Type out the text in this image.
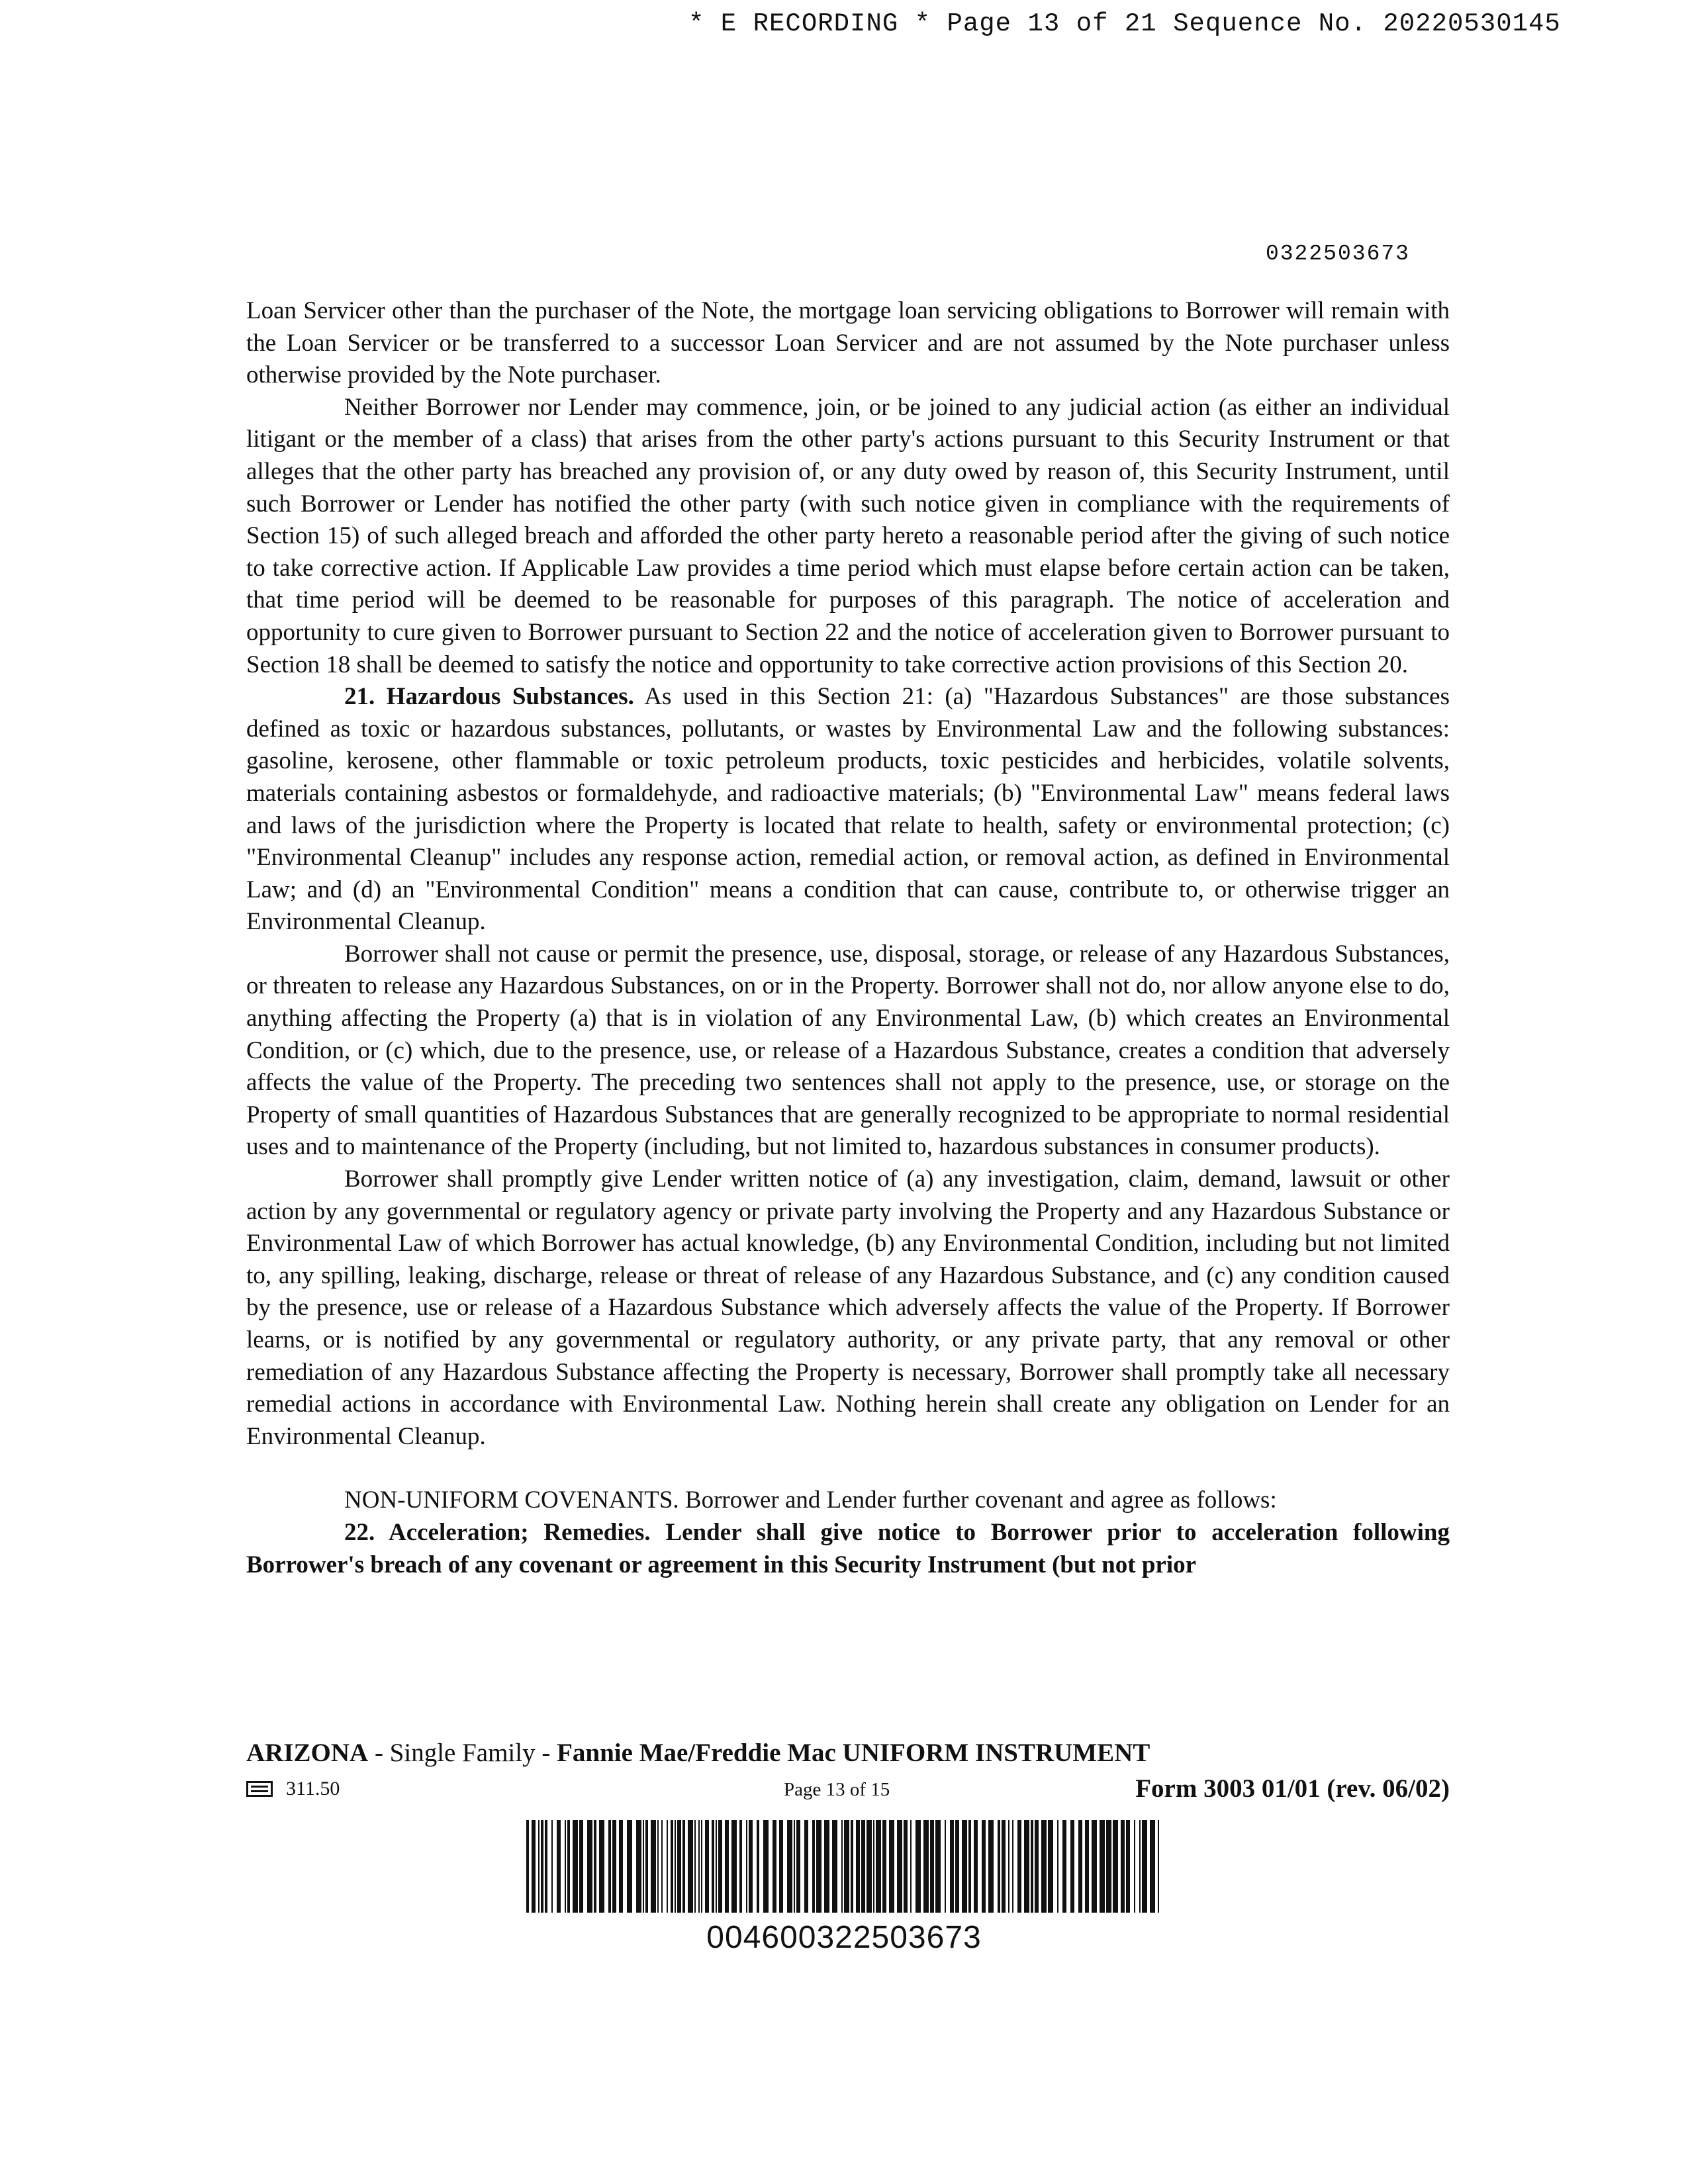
* E RECORDING * Page 13 of 21 Sequence No. 20220530145
0322503673

Loan Servicer other than the purchaser of the Note, the mortgage loan servicing obligations to Borrower will remain with the Loan Servicer or be transferred to a successor Loan Servicer and are not assumed by the Note purchaser unless otherwise provided by the Note purchaser.

Neither Borrower nor Lender may commence, join, or be joined to any judicial action (as either an individual litigant or the member of a class) that arises from the other party's actions pursuant to this Security Instrument or that alleges that the other party has breached any provision of, or any duty owed by reason of, this Security Instrument, until such Borrower or Lender has notified the other party (with such notice given in compliance with the requirements of Section 15) of such alleged breach and afforded the other party hereto a reasonable period after the giving of such notice to take corrective action. If Applicable Law provides a time period which must elapse before certain action can be taken, that time period will be deemed to be reasonable for purposes of this paragraph. The notice of acceleration and opportunity to cure given to Borrower pursuant to Section 22 and the notice of acceleration given to Borrower pursuant to Section 18 shall be deemed to satisfy the notice and opportunity to take corrective action provisions of this Section 20.

21. Hazardous Substances. As used in this Section 21: (a) "Hazardous Substances" are those substances defined as toxic or hazardous substances, pollutants, or wastes by Environmental Law and the following substances: gasoline, kerosene, other flammable or toxic petroleum products, toxic pesticides and herbicides, volatile solvents, materials containing asbestos or formaldehyde, and radioactive materials; (b) "Environmental Law" means federal laws and laws of the jurisdiction where the Property is located that relate to health, safety or environmental protection; (c) "Environmental Cleanup" includes any response action, remedial action, or removal action, as defined in Environmental Law; and (d) an "Environmental Condition" means a condition that can cause, contribute to, or otherwise trigger an Environmental Cleanup.

Borrower shall not cause or permit the presence, use, disposal, storage, or release of any Hazardous Substances, or threaten to release any Hazardous Substances, on or in the Property. Borrower shall not do, nor allow anyone else to do, anything affecting the Property (a) that is in violation of any Environmental Law, (b) which creates an Environmental Condition, or (c) which, due to the presence, use, or release of a Hazardous Substance, creates a condition that adversely affects the value of the Property. The preceding two sentences shall not apply to the presence, use, or storage on the Property of small quantities of Hazardous Substances that are generally recognized to be appropriate to normal residential uses and to maintenance of the Property (including, but not limited to, hazardous substances in consumer products).

Borrower shall promptly give Lender written notice of (a) any investigation, claim, demand, lawsuit or other action by any governmental or regulatory agency or private party involving the Property and any Hazardous Substance or Environmental Law of which Borrower has actual knowledge, (b) any Environmental Condition, including but not limited to, any spilling, leaking, discharge, release or threat of release of any Hazardous Substance, and (c) any condition caused by the presence, use or release of a Hazardous Substance which adversely affects the value of the Property. If Borrower learns, or is notified by any governmental or regulatory authority, or any private party, that any removal or other remediation of any Hazardous Substance affecting the Property is necessary, Borrower shall promptly take all necessary remedial actions in accordance with Environmental Law. Nothing herein shall create any obligation on Lender for an Environmental Cleanup.

NON-UNIFORM COVENANTS. Borrower and Lender further covenant and agree as follows:

22. Acceleration; Remedies. Lender shall give notice to Borrower prior to acceleration following Borrower's breach of any covenant or agreement in this Security Instrument (but not prior

ARIZONA - Single Family - Fannie Mae/Freddie Mac UNIFORM INSTRUMENT
311.50	Page 13 of 15	Form 3003 01/01 (rev. 06/02)
004600322503673
